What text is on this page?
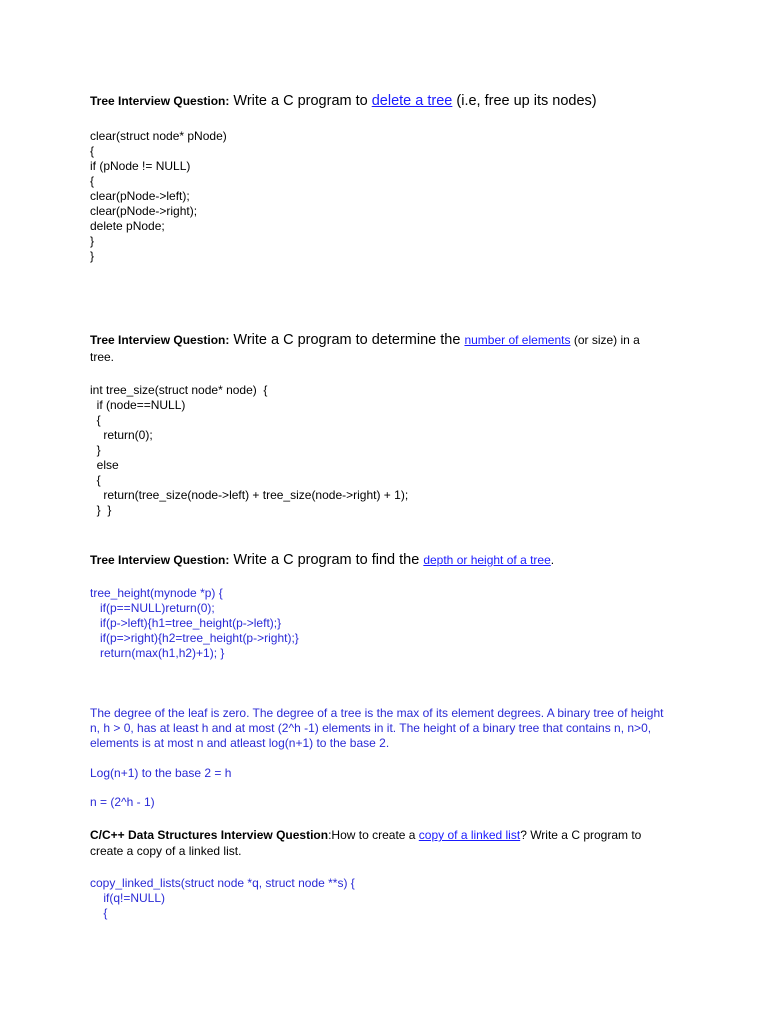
Tree Interview Question: Write a C program to delete a tree (i.e, free up its nodes)
clear(struct node* pNode)
{
if (pNode != NULL)
{
clear(pNode->left);
clear(pNode->right);
delete pNode;
}
}
Tree Interview Question: Write a C program to determine the number of elements (or size) in a
tree.
int tree_size(struct node* node)  {
if (node==NULL)
{
return(0);
}
else
{
return(tree_size(node->left) + tree_size(node->right) + 1);
}  }
Tree Interview Question: Write a C program to find the depth or height of a tree.
tree_height(mynode *p) {
if(p==NULL)return(0);
if(p->left){h1=tree_height(p->left);}
if(p=>right){h2=tree_height(p->right);}
return(max(h1,h2)+1); }
The degree of the leaf is zero. The degree of a tree is the max of its element degrees. A binary tree of height n, h > 0, has at least h and at most (2^h -1) elements in it. The height of a binary tree that contains n, n>0, elements is at most n and atleast log(n+1) to the base 2.
Log(n+1) to the base 2 = h
n = (2^h - 1)
C/C++ Data Structures Interview Question:How to create a copy of a linked list? Write a C program to
create a copy of a linked list.
copy_linked_lists(struct node *q, struct node **s) {
if(q!=NULL)
{
